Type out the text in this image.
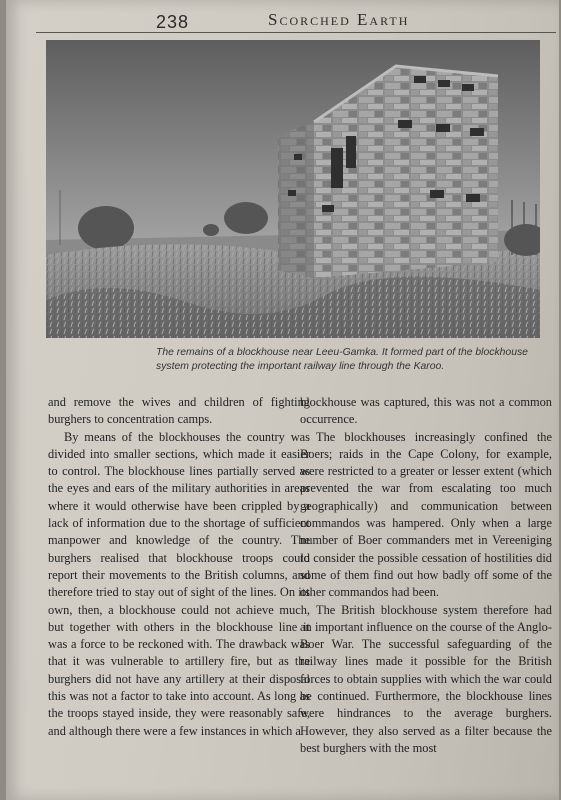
238	Scorched Earth
The remains of a blockhouse near Leeu-Gamka. It formed part of the blockhouse system protecting the important railway line through the Karoo.

and remove the wives and children of fighting burghers to concentration camps.

By means of the blockhouses the country was divided into smaller sections, which made it easier to control. The blockhouse lines partially served as the eyes and ears of the military authorities in areas where it would otherwise have been crippled by a lack of information due to the shortage of sufficient manpower and knowledge of the country. The burghers realised that blockhouse troops could report their movements to the British columns, and therefore tried to stay out of sight of the lines. On its own, then, a blockhouse could not achieve much, but together with others in the blockhouse line it was a force to be reckoned with. The drawback was that it was vulnerable to artillery fire, but as the burghers did not have any artillery at their disposal this was not a factor to take into account. As long as the troops stayed inside, they were reasonably safe, and although there were a few instances in which a

blockhouse was captured, this was not a common occurrence.

The blockhouses increasingly confined the Boers; raids in the Cape Colony, for example, were restricted to a greater or lesser extent (which prevented the war from escalating too much geographically) and communication between commandos was hampered. Only when a large number of Boer commanders met in Vereeniging to consider the possible cessation of hostilities did some of them find out how badly off some of the other commandos had been.

The British blockhouse system therefore had an important influence on the course of the Anglo-Boer War. The successful safeguarding of the railway lines made it possible for the British forces to obtain supplies with which the war could be continued. Furthermore, the blockhouse lines were hindrances to the average burghers. However, they also served as a filter because the best burghers with the most
